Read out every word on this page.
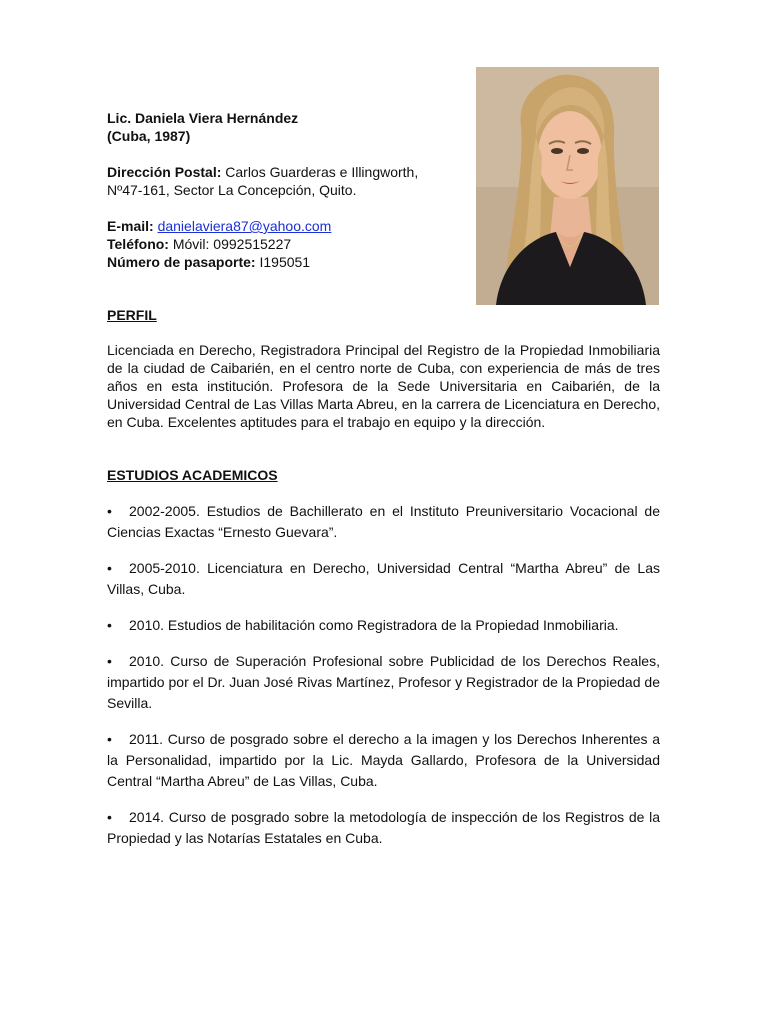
Lic. Daniela Viera Hernández
(Cuba, 1987)
Dirección Postal: Carlos Guarderas e Illingworth,
Nº47-161, Sector La Concepción, Quito.
E-mail: danielaviera87@yahoo.com
Teléfono: Móvil: 0992515227
Número de pasaporte: I195051
PERFIL
Licenciada en Derecho, Registradora Principal del Registro de la Propiedad Inmobiliaria de la ciudad de Caibarién, en el centro norte de Cuba, con experiencia de más de tres años en esta institución. Profesora de la Sede Universitaria en Caibarién, de la Universidad Central de Las Villas Marta Abreu, en la carrera de Licenciatura en Derecho, en Cuba. Excelentes aptitudes para el trabajo en equipo y la dirección.
ESTUDIOS ACADEMICOS
• 2002-2005. Estudios de Bachillerato en el Instituto Preuniversitario Vocacional de Ciencias Exactas “Ernesto Guevara”.
• 2005-2010. Licenciatura en Derecho, Universidad Central “Martha Abreu” de Las Villas, Cuba.
• 2010. Estudios de habilitación como Registradora de la Propiedad Inmobiliaria.
• 2010. Curso de Superación Profesional sobre Publicidad de los Derechos Reales, impartido por el Dr. Juan José Rivas Martínez, Profesor y Registrador de la Propiedad de Sevilla.
• 2011. Curso de posgrado sobre el derecho a la imagen y los Derechos Inherentes a la Personalidad, impartido por la Lic. Mayda Gallardo, Profesora de la Universidad Central “Martha Abreu” de Las Villas, Cuba.
• 2014. Curso de posgrado sobre la metodología de inspección de los Registros de la Propiedad y las Notarías Estatales en Cuba.
